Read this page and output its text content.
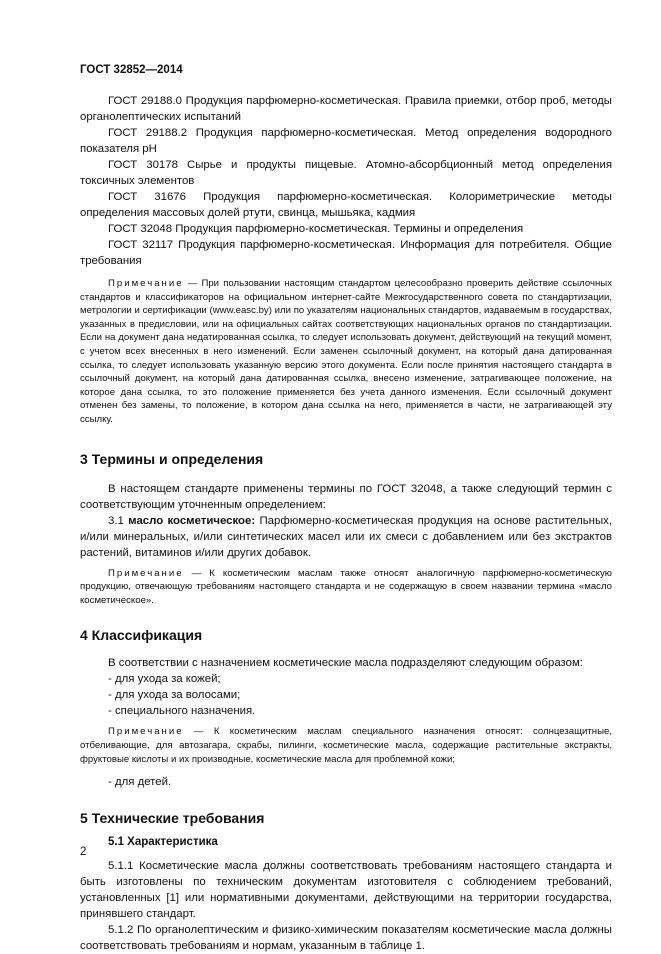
ГОСТ 32852—2014

ГОСТ 29188.0 Продукция парфюмерно-косметическая. Правила приемки, отбор проб, методы органолептических испытаний

ГОСТ 29188.2 Продукция парфюмерно-косметическая. Метод определения водородного показателя pH

ГОСТ 30178 Сырье и продукты пищевые. Атомно-абсорбционный метод определения токсичных элементов

ГОСТ 31676 Продукция парфюмерно-косметическая. Колориметрические методы определения массовых долей ртути, свинца, мышьяка, кадмия

ГОСТ 32048 Продукция парфюмерно-косметическая. Термины и определения

ГОСТ 32117 Продукция парфюмерно-косметическая. Информация для потребителя. Общие требования

Примечание — При пользовании настоящим стандартом целесообразно проверить действие ссылочных стандартов и классификаторов на официальном интернет-сайте Межгосударственного совета по стандартизации, метрологии и сертификации (www.easc.by) или по указателям национальных стандартов, издаваемым в государствах, указанных в предисловии, или на официальных сайтах соответствующих национальных органов по стандартизации. Если на документ дана недатированная ссылка, то следует использовать документ, действующий на текущий момент, с учетом всех внесенных в него изменений. Если заменен ссылочный документ, на который дана датированная ссылка, то следует использовать указанную версию этого документа. Если после принятия настоящего стандарта в ссылочный документ, на который дана датированная ссылка, внесено изменение, затрагивающее положение, на которое дана ссылка, то это положение применяется без учета данного изменения. Если ссылочный документ отменен без замены, то положение, в котором дана ссылка на него, применяется в части, не затрагивающей эту ссылку.

3 Термины и определения

В настоящем стандарте применены термины по ГОСТ 32048, а также следующий термин с соответствующим уточненным определением:

3.1 масло косметическое: Парфюмерно-косметическая продукция на основе растительных, и/или минеральных, и/или синтетических масел или их смеси с добавлением или без экстрактов растений, витаминов и/или других добавок.

Примечание — К косметическим маслам также относят аналогичную парфюмерно-косметическую продукцию, отвечающую требованиям настоящего стандарта и не содержащую в своем названии термина «масло косметическое».

4 Классификация

В соответствии с назначением косметические масла подразделяют следующим образом:

- для ухода за кожей;

- для ухода за волосами;

- специального назначения.

Примечание — К косметическим маслам специального назначения относят: солнцезащитные, отбеливающие, для автозагара, скрабы, пилинги, косметические масла, содержащие растительные экстракты, фруктовые кислоты и их производные, косметические масла для проблемной кожи;

- для детей.

5 Технические требования

5.1 Характеристика

5.1.1 Косметические масла должны соответствовать требованиям настоящего стандарта и быть изготовлены по техническим документам изготовителя с соблюдением требований, установленных [1] или нормативными документами, действующими на территории государства, принявшего стандарт.

5.1.2 По органолептическим и физико-химическим показателям косметические масла должны соответствовать требованиям и нормам, указанным в таблице 1.

2
